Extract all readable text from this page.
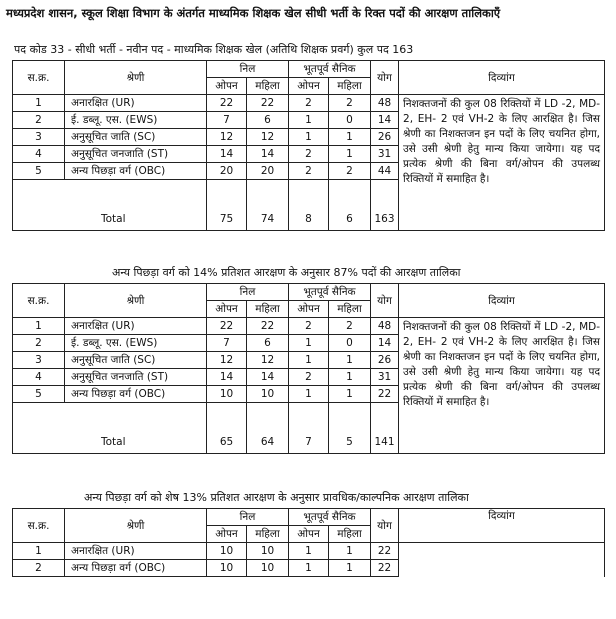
मध्यप्रदेश शासन, स्कूल शिक्षा विभाग के अंतर्गत माध्यमिक शिक्षक खेल सीधी भर्ती के रिक्त पदों की आरक्षण तालिकाएँ
पद कोड 33 - सीधी भर्ती - नवीन पद - माध्यमिक शिक्षक खेल (अतिथि शिक्षक प्रवर्ग) कुल पद 163
स.क्र.	श्रेणी	निल		भूतपूर्व सैनिक		योग	दिव्यांग
		ओपन	महिला	ओपन	महिला		
1	अनारक्षित (UR)	22	22	2	2	48	निशक्तजनों की कुल 08 रिक्तियों में LD -2, MD-2, EH- 2 एवं VH-2 के लिए आरक्षित है। जिस श्रेणी का निशक्तजन इन पदों के लिए चयनित होगा, उसे उसी श्रेणी हेतु मान्य किया जायेगा। यह पद प्रत्येक श्रेणी की बिना वर्ग/ओपन की उपलब्ध रिक्तियों में समाहित है।
2	ई. डब्लू. एस. (EWS)	7	6	1	0	14	
3	अनुसूचित जाति (SC)	12	12	1	1	26	
4	अनुसूचित जनजाति (ST)	14	14	2	1	31	
5	अन्य पिछड़ा वर्ग (OBC)	20	20	2	2	44	
Total		75	74	8	6	163	
अन्य पिछड़ा वर्ग को 14% प्रतिशत आरक्षण के अनुसार 87% पदों की आरक्षण तालिका
स.क्र.	श्रेणी	निल		भूतपूर्व सैनिक		योग	दिव्यांग
		ओपन	महिला	ओपन	महिला		
1	अनारक्षित (UR)	22	22	2	2	48	निशक्तजनों की कुल 08 रिक्तियों में LD -2, MD-2, EH- 2 एवं VH-2 के लिए आरक्षित है। जिस श्रेणी का निशक्तजन इन पदों के लिए चयनित होगा, उसे उसी श्रेणी हेतु मान्य किया जायेगा। यह पद प्रत्येक श्रेणी की बिना वर्ग/ओपन की उपलब्ध रिक्तियों में समाहित है।
2	ई. डब्लू. एस. (EWS)	7	6	1	0	14	
3	अनुसूचित जाति (SC)	12	12	1	1	26	
4	अनुसूचित जनजाति (ST)	14	14	2	1	31	
5	अन्य पिछड़ा वर्ग (OBC)	10	10	1	1	22	
Total		65	64	7	5	141	
अन्य पिछड़ा वर्ग को शेष 13% प्रतिशत आरक्षण के अनुसार प्रावधिक/काल्पनिक आरक्षण तालिका
स.क्र.	श्रेणी	निल		भूतपूर्व सैनिक		योग	दिव्यांग
		ओपन	महिला	ओपन	महिला		
1	अनारक्षित (UR)	10	10	1	1	22	
2	अन्य पिछड़ा वर्ग (OBC)	10	10	1	1	22	
